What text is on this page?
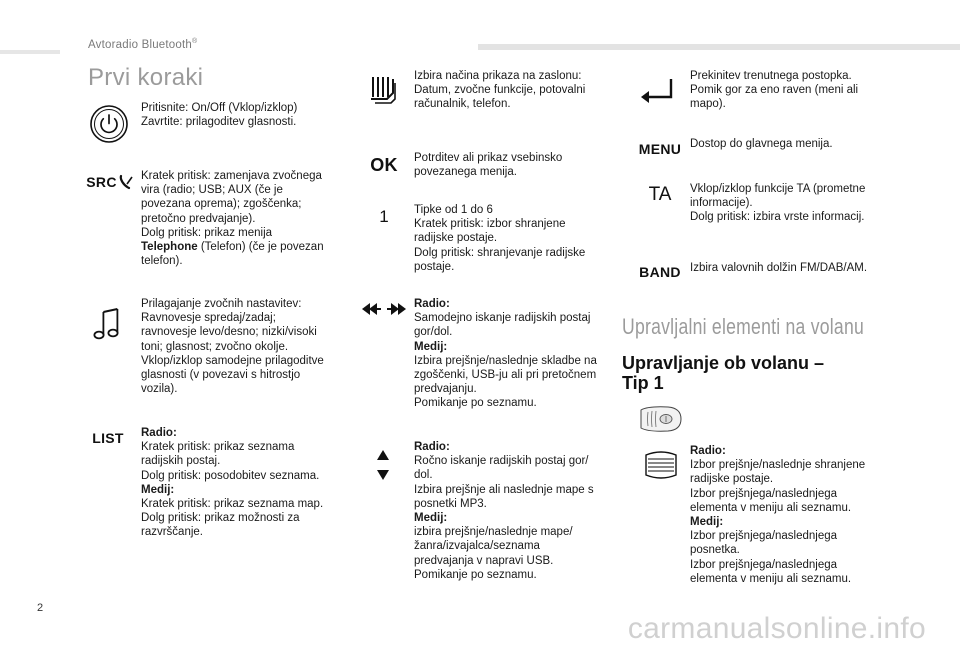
Avtoradio Bluetooth®
Prvi koraki
Pritisnite: On/Off (Vklop/izklop)
Zavrtite: prilagoditev glasnosti.
SRC Kratek pritisk: zamenjava zvočnega
vira (radio; USB; AUX (če je
povezana oprema); zgoščenka;
pretočno predvajanje).
Dolg pritisk: prikaz menija
Telephone (Telefon) (če je povezan
telefon).
Prilagajanje zvočnih nastavitev:
Ravnovesje spredaj/zadaj;
ravnovesje levo/desno; nizki/visoki
toni; glasnost; zvočno okolje.
Vklop/izklop samodejne prilagoditve
glasnosti (v povezavi s hitrostjo
vozila).
LIST Radio:
Kratek pritisk: prikaz seznama
radijskih postaj.
Dolg pritisk: posodobitev seznama.
Medij:
Kratek pritisk: prikaz seznama map.
Dolg pritisk: prikaz možnosti za
razvrščanje.
Izbira načina prikaza na zaslonu:
Datum, zvočne funkcije, potovalni
računalnik, telefon.
OK Potrditev ali prikaz vsebinsko
povezanega menija.
1 Tipke od 1 do 6
Kratek pritisk: izbor shranjene
radijske postaje.
Dolg pritisk: shranjevanje radijske
postaje.
Radio:
Samodejno iskanje radijskih postaj
gor/dol.
Medij:
Izbira prejšnje/naslednje skladbe na
zgoščenki, USB-ju ali pri pretočnem
predvajanju.
Pomikanje po seznamu.
Radio:
Ročno iskanje radijskih postaj gor/
dol.
Izbira prejšnje ali naslednje mape s
posnetki MP3.
Medij:
izbira prejšnje/naslednje mape/
žanra/izvajalca/seznama
predvajanja v napravi USB.
Pomikanje po seznamu.
Prekinitev trenutnega postopka.
Pomik gor za eno raven (meni ali
mapo).
MENU Dostop do glavnega menija.
TA Vklop/izklop funkcije TA (prometne
informacije).
Dolg pritisk: izbira vrste informacij.
BAND Izbira valovnih dolžin FM/DAB/AM.
Upravljalni elementi na volanu
Upravljanje ob volanu –
Tip 1
Radio:
Izbor prejšnje/naslednje shranjene
radijske postaje.
Izbor prejšnjega/naslednjega
elementa v meniju ali seznamu.
Medij:
Izbor prejšnjega/naslednjega
posnetka.
Izbor prejšnjega/naslednjega
elementa v meniju ali seznamu.
2
carmanualsonline.info
